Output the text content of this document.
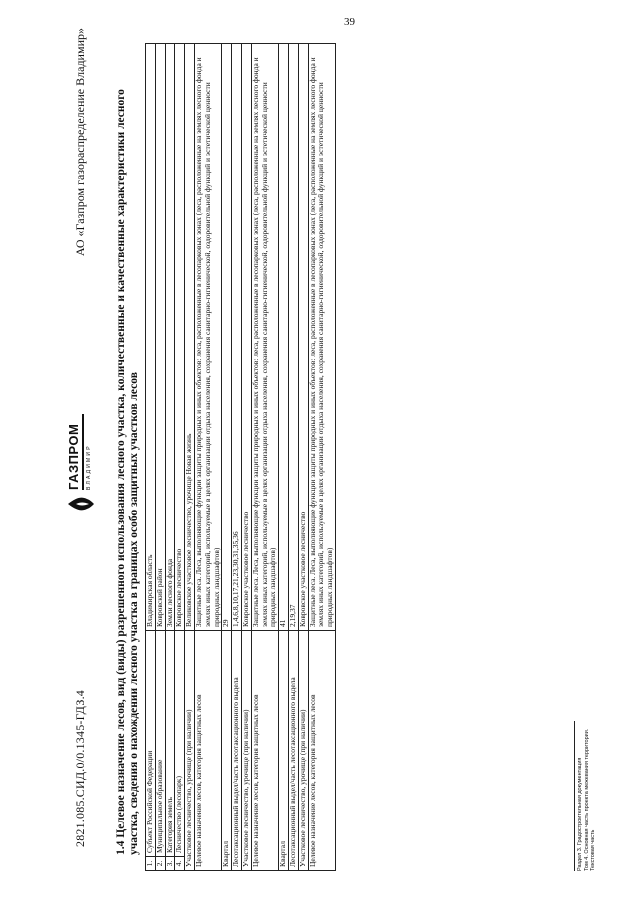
39
2821.085.СИД.0/0.1345-ГДЗ.4
ГАЗПРОМ ВЛАДИМИР
АО «Газпром газораспределение Владимир» 1.4 Целевое назначение лесов, вид (виды) разрешенного использования лесного участка, количественные и качественные характеристики лесного участка, сведения о нахождении лесного участка в границах особо защитных участков лесов
1.	Субъект Российской Федерации	Владимирская область
2.	Муниципальное образование	Ковровский район
3.	Категория земель	Земли лесного фонда
4.	Лесничество (лесопарк)	Ковровское лесничество
Участковое лесничество, урочище (при наличии)		Великовское участковое лесничество, урочище Новая жизнь
Целевое назначение лесов, категория защитных лесов		Защитные леса. Леса, выполняющие функции защиты природных и иных объектов: леса, расположенные в лесопарковых зонах (леса, расположенные на землях лесного фонда и землях иных категорий, используемые в целях организации отдыха населения, сохранения санитарно-гигиенической, оздоровительной функций и эстетической ценности природных ландшафтов)
Квартал		29
Лесотаксационный выдел/часть лесотаксационного выдела		1,4,6,8,10,17,21,23,30,31,35,36
Участковое лесничество, урочище (при наличии)		Ковровское участковое лесничество
Целевое назначение лесов, категория защитных лесов		Защитные леса. Леса, выполняющие функции защиты природных и иных объектов: леса, расположенные в лесопарковых зонах (леса, расположенные на землях лесного фонда и землях иных категорий, используемые в целях организации отдыха населения, сохранения санитарно-гигиенической, оздоровительной функций и эстетической ценности природных ландшафтов)
Квартал		41
Лесотаксационный выдел/часть лесотаксационного выдела		2,19,37
Участковое лесничество, урочище (при наличии)		Ковровское участковое лесничество
Целевое назначение лесов, категория защитных лесов		Защитные леса. Леса, выполняющие функции защиты природных и иных объектов: леса, расположенные в лесопарковых зонах (леса, расположенные на землях лесного фонда и землях иных категорий, используемые в целях организации отдыха населения, сохранения санитарно-гигиенической, оздоровительной функций и эстетической ценности природных ландшафтов)
Раздел 3. Градостроительная документация Том 4. Основная часть проекта межевания территории. Текстовая часть
